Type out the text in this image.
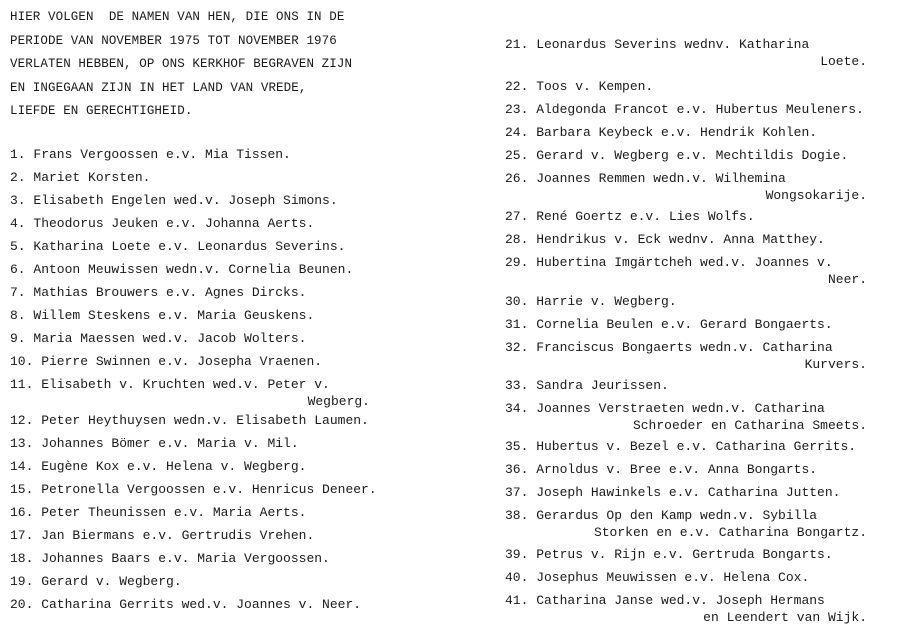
HIER VOLGEN  DE NAMEN VAN HEN, DIE ONS IN DE
PERIODE VAN NOVEMBER 1975 TOT NOVEMBER 1976
VERLATEN HEBBEN, OP ONS KERKHOF BEGRAVEN ZIJN
EN INGEGAAN ZIJN IN HET LAND VAN VREDE,
LIEFDE EN GERECHTIGHEID.
1. Frans Vergoossen e.v. Mia Tissen.
2. Mariet Korsten.
3. Elisabeth Engelen wed.v. Joseph Simons.
4. Theodorus Jeuken e.v. Johanna Aerts.
5. Katharina Loete e.v. Leonardus Severins.
6. Antoon Meuwissen wedn.v. Cornelia Beunen.
7. Mathias Brouwers e.v. Agnes Dircks.
8. Willem Steskens e.v. Maria Geuskens.
9. Maria Maessen wed.v. Jacob Wolters.
10. Pierre Swinnen e.v. Josepha Vraenen.
11. Elisabeth v. Kruchten wed.v. Peter v.
Wegberg.
12. Peter Heythuysen wedn.v. Elisabeth Laumen.
13. Johannes Bömer e.v. Maria v. Mil.
14. Eugène Kox e.v. Helena v. Wegberg.
15. Petronella Vergoossen e.v. Henricus Deneer.
16. Peter Theunissen e.v. Maria Aerts.
17. Jan Biermans e.v. Gertrudis Vrehen.
18. Johannes Baars e.v. Maria Vergoossen.
19. Gerard v. Wegberg.
20. Catharina Gerrits wed.v. Joannes v. Neer.
21. Leonardus Severins wednv. Katharina
Loete.
22. Toos v. Kempen.
23. Aldegonda Francot e.v. Hubertus Meuleners.
24. Barbara Keybeck e.v. Hendrik Kohlen.
25. Gerard v. Wegberg e.v. Mechtildis Dogie.
26. Joannes Remmen wedn.v. Wilhemina
Wongsokarije.
27. René Goertz e.v. Lies Wolfs.
28. Hendrikus v. Eck wednv. Anna Matthey.
29. Hubertina Imgärtcheh wed.v. Joannes v.
Neer.
30. Harrie v. Wegberg.
31. Cornelia Beulen e.v. Gerard Bongaerts.
32. Franciscus Bongaerts wedn.v. Catharina
Kurvers.
33. Sandra Jeurissen.
34. Joannes Verstraeten wedn.v. Catharina
Schroeder en Catharina Smeets.
35. Hubertus v. Bezel e.v. Catharina Gerrits.
36. Arnoldus v. Bree e.v. Anna Bongarts.
37. Joseph Hawinkels e.v. Catharina Jutten.
38. Gerardus Op den Kamp wedn.v. Sybilla
Storken en e.v. Catharina Bongartz.
39. Petrus v. Rijn e.v. Gertruda Bongarts.
40. Josephus Meuwissen e.v. Helena Cox.
41. Catharina Janse wed.v. Joseph Hermans
en Leendert van Wijk.
